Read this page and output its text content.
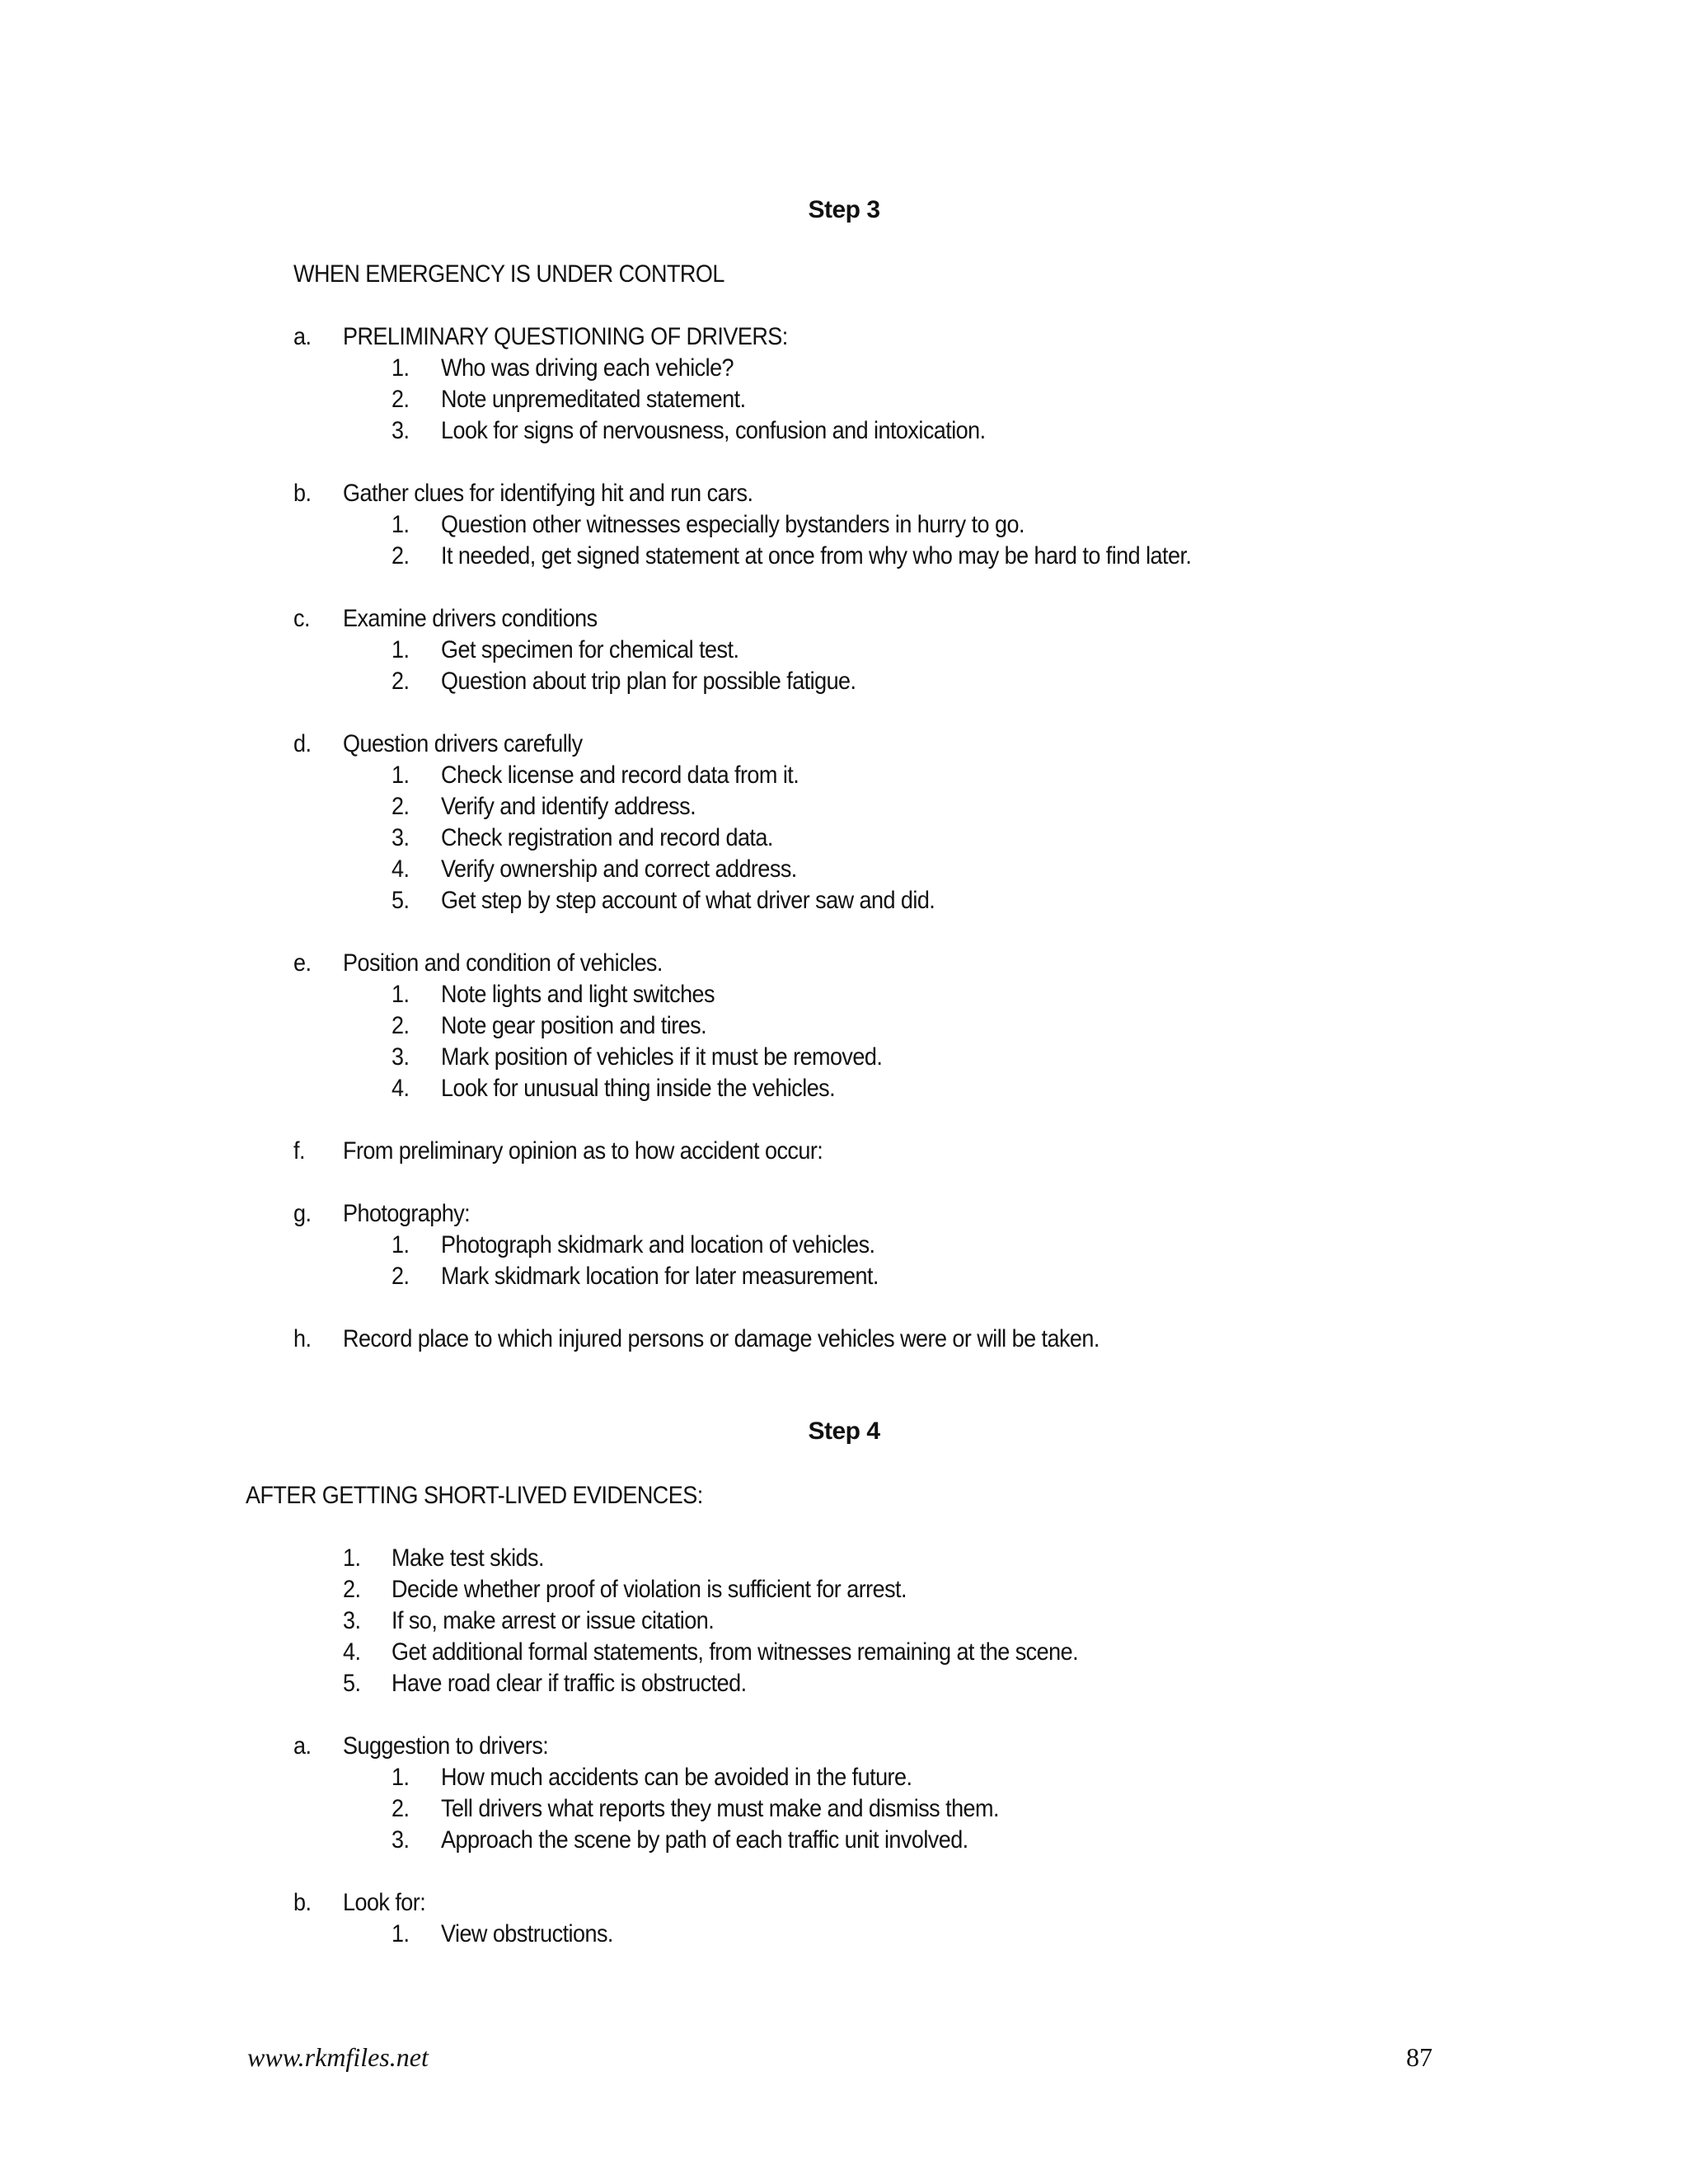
Step 3
WHEN EMERGENCY IS UNDER CONTROL
a. PRELIMINARY QUESTIONING OF DRIVERS:
1. Who was driving each vehicle?
2. Note unpremeditated statement.
3. Look for signs of nervousness, confusion and intoxication.
b. Gather clues for identifying hit and run cars.
1. Question other witnesses especially bystanders in hurry to go.
2. It needed, get signed statement at once from why who may be hard to find later.
c. Examine drivers conditions
1. Get specimen for chemical test.
2. Question about trip plan for possible fatigue.
d. Question drivers carefully
1. Check license and record data from it.
2. Verify and identify address.
3. Check registration and record data.
4. Verify ownership and correct address.
5. Get step by step account of what driver saw and did.
e. Position and condition of vehicles.
1. Note lights and light switches
2. Note gear position and tires.
3. Mark position of vehicles if it must be removed.
4. Look for unusual thing inside the vehicles.
f. From preliminary opinion as to how accident occur:
g. Photography:
1. Photograph skidmark and location of vehicles.
2. Mark skidmark location for later measurement.
h. Record place to which injured persons or damage vehicles were or will be taken.
Step 4
AFTER GETTING SHORT-LIVED EVIDENCES:
1. Make test skids.
2. Decide whether proof of violation is sufficient for arrest.
3. If so, make arrest or issue citation.
4. Get additional formal statements, from witnesses remaining at the scene.
5. Have road clear if traffic is obstructed.
a. Suggestion to drivers:
1. How much accidents can be avoided in the future.
2. Tell drivers what reports they must make and dismiss them.
3. Approach the scene by path of each traffic unit involved.
b. Look for:
1. View obstructions.
www.rkmfiles.net	87
